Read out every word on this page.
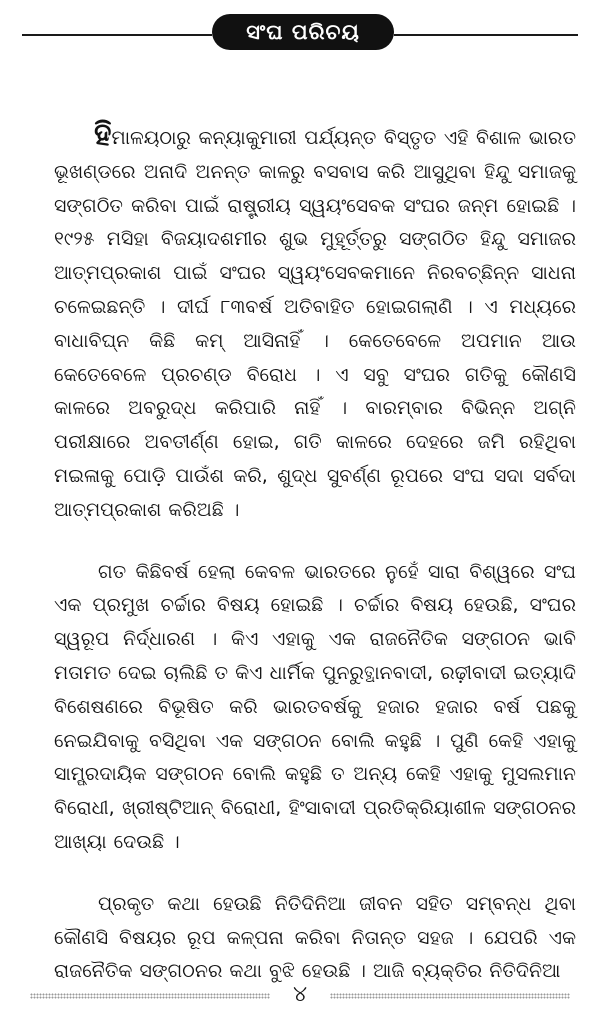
ସଂଘ ପରିଚୟ

ହିମାଳୟଠାରୁ କନ୍ୟାକୁମାରୀ ପର୍ଯ୍ୟନ୍ତ ବିସ୍ତୃତ ଏହି ବିଶାଳ ଭାରତ ଭୂଖଣ୍ଡରେ ଅନାଦି ଅନନ୍ତ କାଳରୁ ବସବାସ କରି ଆସୁଥିବା ହିନ୍ଦୁ ସମାଜକୁ ସଙ୍ଗଠିତ କରିବା ପାଇଁ ରାଷ୍ଟ୍ରୀୟ ସ୍ୱୟଂସେବକ ସଂଘର ଜନ୍ମ ହୋଇଛି । ୧୯୨୫ ମସିହା ବିଜୟାଦଶମୀର ଶୁଭ ମୁହୂର୍ତ୍ତରୁ ସଙ୍ଗଠିତ ହିନ୍ଦୁ ସମାଜର ଆତ୍ମପ୍ରକାଶ ପାଇଁ ସଂଘର ସ୍ୱୟଂସେବକମାନେ ନିରବଚ୍ଛିନ୍ନ ସାଧନା ଚଳେଇଛନ୍ତି । ଦୀର୍ଘ ୮୩ବର୍ଷ ଅତିବାହିତ ହୋଇଗଲାଣି । ଏ ମଧ୍ୟରେ ବାଧାବିଘ୍ନ କିଛି କମ୍ ଆସିନାହିଁ । କେତେବେଳେ ଅପମାନ ଆଉ କେତେବେଳେ ପ୍ରଚଣ୍ଡ ବିରୋଧ । ଏ ସବୁ ସଂଘର ଗତିକୁ କୌଣସି କାଳରେ ଅବରୁଦ୍ଧ କରିପାରି ନାହିଁ । ବାରମ୍ବାର ବିଭିନ୍ନ ଅଗ୍ନି ପରୀକ୍ଷାରେ ଅବତୀର୍ଣ୍ଣ ହୋଇ, ଗତି କାଳରେ ଦେହରେ ଜମି ରହିଥିବା ମଇଳାକୁ ପୋଡ଼ି ପାଉଁଶ କରି, ଶୁଦ୍ଧ ସୁବର୍ଣ୍ଣ ରୂପରେ ସଂଘ ସଦା ସର୍ବଦା ଆତ୍ମପ୍ରକାଶ କରିଅଛି ।

ଗତ କିଛିବର୍ଷ ହେଲା କେବଳ ଭାରତରେ ନୁହେଁ ସାରା ବିଶ୍ୱରେ ସଂଘ ଏକ ପ୍ରମୁଖ ଚର୍ଚ୍ଚାର ବିଷୟ ହୋଇଛି । ଚର୍ଚ୍ଚାର ବିଷୟ ହେଉଛି, ସଂଘର ସ୍ୱରୂପ ନିର୍ଦ୍ଧାରଣ । କିଏ ଏହାକୁ ଏକ ରାଜନୈତିକ ସଙ୍ଗଠନ ଭାବି ମତାମତ ଦେଇ ଚାଲିଛି ତ କିଏ ଧାର୍ମିକ ପୁନରୁତ୍ଥାନବାଦୀ, ରଢ଼ୀବାଦୀ ଇତ୍ୟାଦି ବିଶେଷଣରେ ବିଭୂଷିତ କରି ଭାରତବର୍ଷକୁ ହଜାର ହଜାର ବର୍ଷ ପଛକୁ ନେଇଯିବାକୁ ବସିଥିବା ଏକ ସଙ୍ଗଠନ ବୋଲି କହୁଛି । ପୁଣି କେହି ଏହାକୁ ସାମ୍ପ୍ରଦାୟିକ ସଙ୍ଗଠନ ବୋଲି କହୁଛି ତ ଅନ୍ୟ କେହି ଏହାକୁ ମୁସଲମାନ ବିରୋଧୀ, ଖ୍ରୀଷ୍ଟିଆନ୍ ବିରୋଧୀ, ହିଂସାବାଦୀ ପ୍ରତିକ୍ରିୟାଶୀଳ ସଙ୍ଗଠନର ଆଖ୍ୟା ଦେଉଛି ।

ପ୍ରକୃତ କଥା ହେଉଛି ନିତିଦିନିଆ ଜୀବନ ସହିତ ସମ୍ବନ୍ଧ ଥିବା କୌଣସି ବିଷୟର ରୂପ କଳ୍ପନା କରିବା ନିତାନ୍ତ ସହଜ । ଯେପରି ଏକ ରାଜନୈତିକ ସଙ୍ଗଠନର କଥା ବୁଝି ହେଉଛି । ଆଜି ବ୍ୟକ୍ତିର ନିତିଦିନିଆ

୪
